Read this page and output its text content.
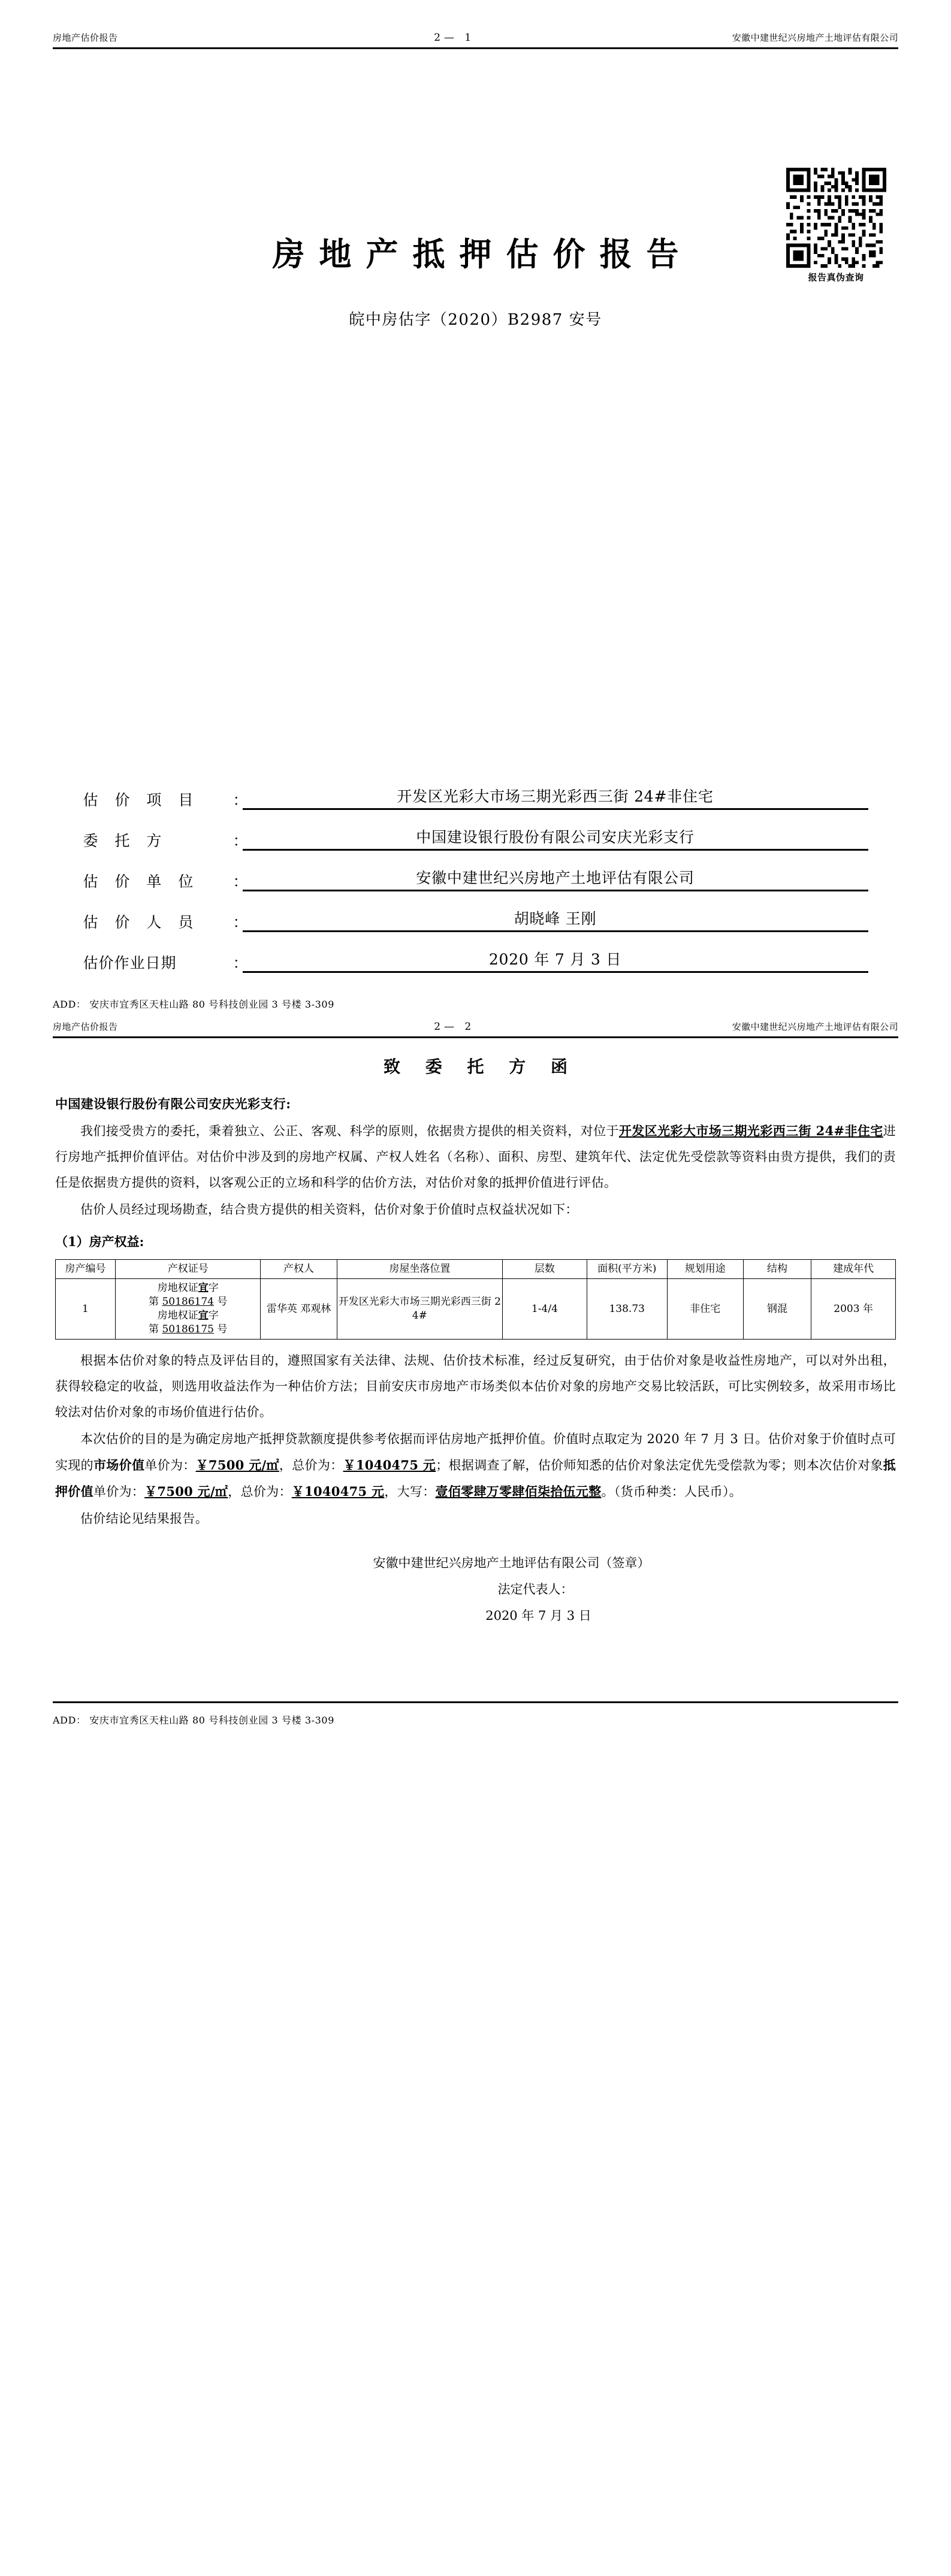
房地产估价报告	2— 1	安徽中建世纪兴房地产土地评估有限公司
报告真伪查询
房地产抵押估价报告
皖中房估字（2020）B2987 安号
估 价 项 目	：	开发区光彩大市场三期光彩西三街 24#非住宅
委 托 方	：	中国建设银行股份有限公司安庆光彩支行
估 价 单 位	：	安徽中建世纪兴房地产土地评估有限公司
估 价 人 员	：	胡晓峰 王刚
估价作业日期	：	2020 年 7 月 3 日
ADD： 安庆市宜秀区天柱山路 80 号科技创业园 3 号楼 3-309
房地产估价报告	2— 2	安徽中建世纪兴房地产土地评估有限公司
致 委 托 方 函
中国建设银行股份有限公司安庆光彩支行:

我们接受贵方的委托，秉着独立、公正、客观、科学的原则，依据贵方提供的相关资料，对位于开发区光彩大市场三期光彩西三街 24#非住宅进行房地产抵押价值评估。对估价中涉及到的房地产权属、产权人姓名（名称）、面积、房型、建筑年代、法定优先受偿款等资料由贵方提供，我们的责任是依据贵方提供的资料，以客观公正的立场和科学的估价方法，对估价对象的抵押价值进行评估。

估价人员经过现场勘查，结合贵方提供的相关资料，估价对象于价值时点权益状况如下：

（1）房产权益:
房产编号	产权证号	产权人	房屋坐落位置	层数	面积(平方米)	规划用途	结构	建成年代
1	房地权证宜字
第 50186174 号
房地权证宜字
第 50186175 号	雷华英 邓观林	开发区光彩大市场三期光彩西三街 24#	1-4/4	138.73	非住宅	钢混	2003 年

根据本估价对象的特点及评估目的，遵照国家有关法律、法规、估价技术标准，经过反复研究，由于估价对象是收益性房地产，可以对外出租，获得较稳定的收益，则选用收益法作为一种估价方法；目前安庆市房地产市场类似本估价对象的房地产交易比较活跃，可比实例较多，故采用市场比较法对估价对象的市场价值进行估价。

本次估价的目的是为确定房地产抵押贷款额度提供参考依据而评估房地产抵押价值。价值时点取定为 2020 年 7 月 3 日。估价对象于价值时点可实现的市场价值单价为：￥7500 元/㎡，总价为：￥1040475 元；根据调查了解，估价师知悉的估价对象法定优先受偿款为零；则本次估价对象抵押价值单价为：￥7500 元/㎡，总价为：￥1040475 元，大写：壹佰零肆万零肆佰柒拾伍元整。（货币种类：人民币）。

估价结论见结果报告。

安徽中建世纪兴房地产土地评估有限公司（签章）
法定代表人：
2020 年 7 月 3 日
ADD： 安庆市宜秀区天柱山路 80 号科技创业园 3 号楼 3-309
